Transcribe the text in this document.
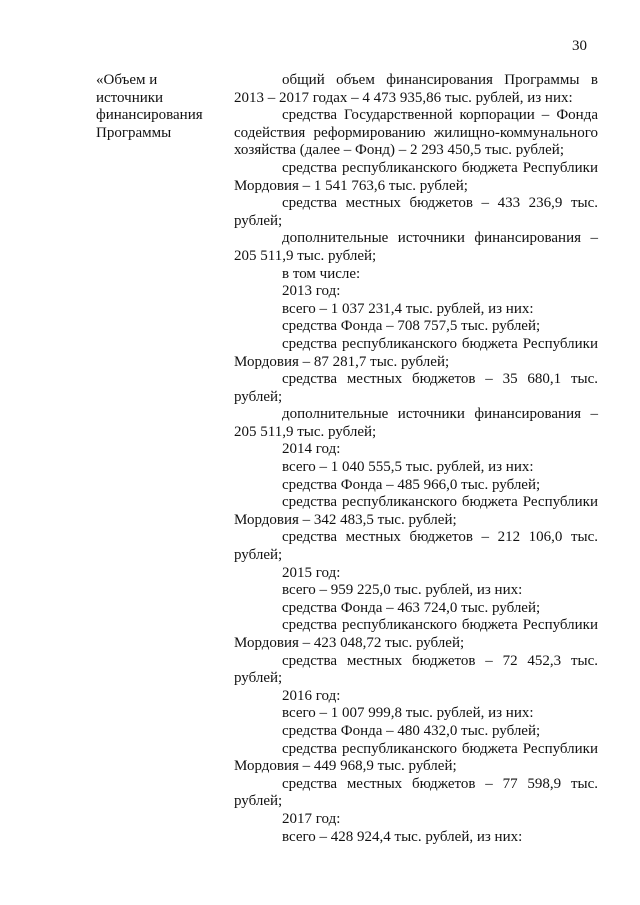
30
«Объем и
источники
финансирования
Программы
общий объем финансирования Программы в
2013 – 2017 годах – 4 473 935,86 тыс. рублей, из них:
средства Государственной корпорации – Фонда
содействия реформированию жилищно-коммунального
хозяйства (далее – Фонд) – 2 293 450,5 тыс. рублей;
средства республиканского бюджета Республики
Мордовия – 1 541 763,6 тыс. рублей;
средства местных бюджетов – 433 236,9 тыс.
рублей;
дополнительные источники финансирования –
205 511,9 тыс. рублей;
в том числе:
2013 год:
всего – 1 037 231,4 тыс. рублей, из них:
средства Фонда – 708 757,5 тыс. рублей;
средства республиканского бюджета Республики
Мордовия – 87 281,7 тыс. рублей;
средства местных бюджетов – 35 680,1 тыс.
рублей;
дополнительные источники финансирования –
205 511,9 тыс. рублей;
2014 год:
всего – 1 040 555,5 тыс. рублей, из них:
средства Фонда – 485 966,0 тыс. рублей;
средства республиканского бюджета Республики
Мордовия – 342 483,5 тыс. рублей;
средства местных бюджетов – 212 106,0 тыс.
рублей;
2015 год:
всего – 959 225,0 тыс. рублей, из них:
средства Фонда – 463 724,0 тыс. рублей;
средства республиканского бюджета Республики
Мордовия – 423 048,72 тыс. рублей;
средства местных бюджетов – 72 452,3 тыс.
рублей;
2016 год:
всего – 1 007 999,8 тыс. рублей, из них:
средства Фонда – 480 432,0 тыс. рублей;
средства республиканского бюджета Республики
Мордовия – 449 968,9 тыс. рублей;
средства местных бюджетов – 77 598,9 тыс.
рублей;
2017 год:
всего – 428 924,4 тыс. рублей, из них:
